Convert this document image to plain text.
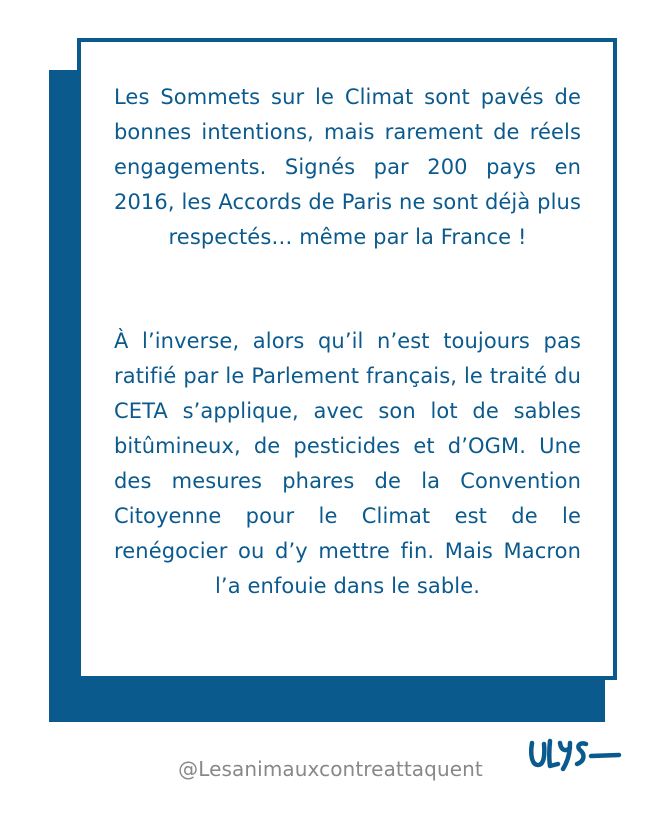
Les Sommets sur le Climat sont pavés de bonnes intentions, mais rarement de réels engagements. Signés par 200 pays en 2016, les Accords de Paris ne sont déjà plus respectés… même par la France !
À l’inverse, alors qu’il n’est toujours pas ratifié par le Parlement français, le traité du CETA s’applique, avec son lot de sables bitûmineux, de pesticides et d’OGM. Une des mesures phares de la Convention Citoyenne pour le Climat est de le renégocier ou d’y mettre fin. Mais Macron l’a enfouie dans le sable.
@Lesanimauxcontreattaquent
